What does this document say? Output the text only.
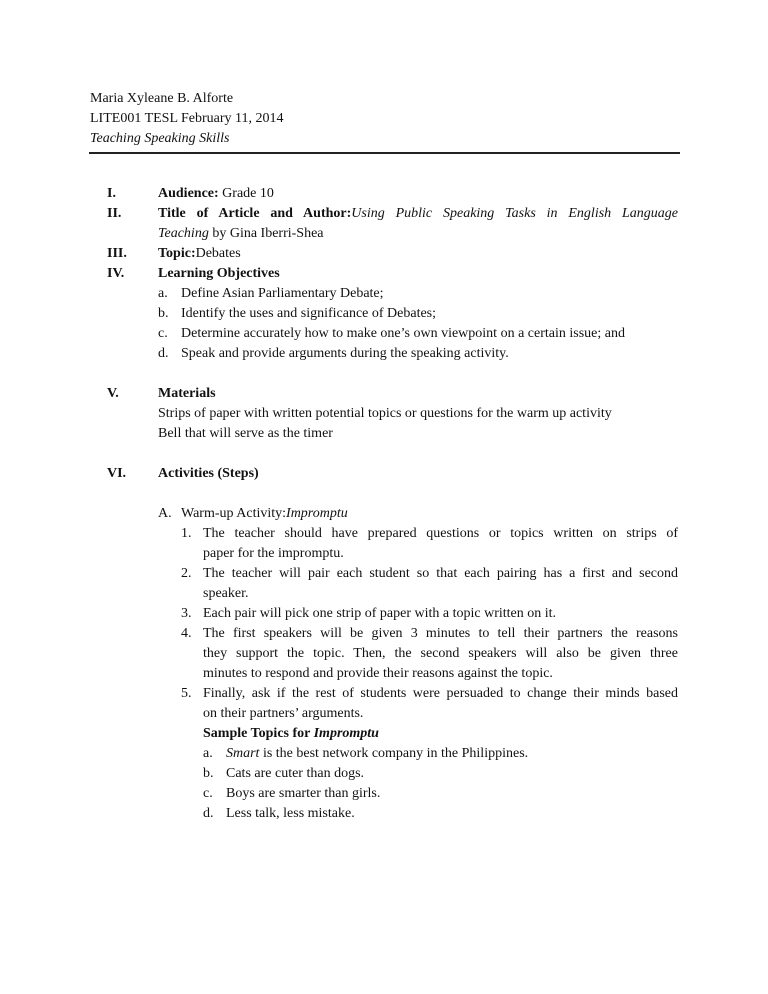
Maria Xyleane B. Alforte
LITE001 TESL February 11, 2014
Teaching Speaking Skills
I.	Audience: Grade 10
II.	Title of Article and Author:Using Public Speaking Tasks in English Language
Teaching by Gina Iberri-Shea
III. Topic:Debates
IV. Learning Objectives
a. Define Asian Parliamentary Debate;
b. Identify the uses and significance of Debates;
c. Determine accurately how to make one’s own viewpoint on a certain issue; and
d. Speak and provide arguments during the speaking activity.
V.	Materials
Strips of paper with written potential topics or questions for the warm up activity
Bell that will serve as the timer
VI. Activities (Steps)
A. Warm-up Activity:Impromptu
1. The teacher should have prepared questions or topics written on strips of
paper for the impromptu.
2. The teacher will pair each student so that each pairing has a first and second
speaker.
3. Each pair will pick one strip of paper with a topic written on it.
4. The first speakers will be given 3 minutes to tell their partners the reasons
they support the topic. Then, the second speakers will also be given three
minutes to respond and provide their reasons against the topic.
5. Finally, ask if the rest of students were persuaded to change their minds based
on their partners’ arguments.
Sample Topics for Impromptu
a. Smart is the best network company in the Philippines.
b. Cats are cuter than dogs.
c. Boys are smarter than girls.
d. Less talk, less mistake.
